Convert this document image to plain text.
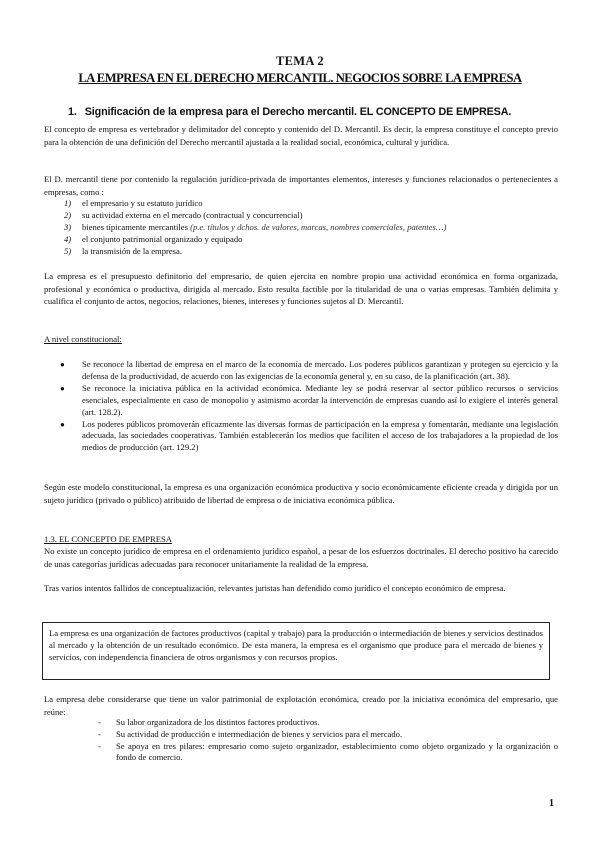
TEMA 2
LA EMPRESA EN EL DERECHO MERCANTIL. NEGOCIOS SOBRE LA EMPRESA
1. Significación de la empresa para el Derecho mercantil. EL CONCEPTO DE EMPRESA.
El concepto de empresa es vertebrador y delimitador del concepto y contenido del D. Mercantil. Es decir, la empresa constituye el concepto previo para la obtención de una definición del Derecho mercantil ajustada a la realidad social, económica, cultural y jurídica.
El D. mercantil tiene por contenido la regulación jurídico-privada de importantes elementos, intereses y funciones relacionados o pertenecientes a empresas, como :
1) el empresario y su estatuto jurídico
2) su actividad externa en el mercado (contractual y concurrencial)
3) bienes típicamente mercantiles (p.e. títulos y dchos. de valores, marcas, nombres comerciales, patentes…)
4) el conjunto patrimonial organizado y equipado
5) la transmisión de la empresa.
La empresa es el presupuesto definitorio del empresario, de quien ejercita en nombre propio una actividad económica en forma organizada, profesional y económica o productiva, dirigida al mercado. Esto resulta factible por la titularidad de una o varias empresas. También delimita y cualifica el conjunto de actos, negocios, relaciones, bienes, intereses y funciones sujetos al D. Mercantil.
A nivel constitucional:
● Se reconoce la libertad de empresa en el marco de la economía de mercado. Los poderes públicos garantizan y protegen su ejercicio y la defensa de la productividad, de acuerdo con las exigencias de la economía general y, en su caso, de la planificación (art. 38).
● Se reconoce la iniciativa pública en la actividad económica. Mediante ley se podrá reservar al sector público recursos o servicios esenciales, especialmente en caso de monopolio y asimismo acordar la intervención de empresas cuando así lo exigiere el interés general (art. 128.2).
● Los poderes públicos promoverán eficazmente las diversas formas de participación en la empresa y fomentarán, mediante una legislación adecuada, las sociedades cooperativas. También establecerán los medios que faciliten el acceso de los trabajadores a la propiedad de los medios de producción (art. 129.2)
Según este modelo constitucional, la empresa es una organización económica productiva y socio económicamente eficiente creada y dirigida por un sujeto jurídico (privado o público) atribuido de libertad de empresa o de iniciativa económica pública.
1.3. EL CONCEPTO DE EMPRESA
No existe un concepto jurídico de empresa en el ordenamiento jurídico español, a pesar de los esfuerzos doctrinales. El derecho positivo ha carecido de unas categorías jurídicas adecuadas para reconocer unitariamente la realidad de la empresa.
Tras varios intentos fallidos de conceptualización, relevantes juristas han defendido como jurídico el concepto económico de empresa.
La empresa es una organización de factores productivos (capital y trabajo) para la producción o intermediación de bienes y servicios destinados al mercado y la obtención de un resultado económico. De esta manera, la empresa es el organismo que produce para el mercado de bienes y servicios, con independencia financiera de otros organismos y con recursos propios.
La empresa debe considerarse que tiene un valor patrimonial de explotación económica, creado por la iniciativa económica del empresario, que reúne:
- Su labor organizadora de los distintos factores productivos.
- Su actividad de producción e intermediación de bienes y servicios para el mercado.
- Se apoya en tres pilares: empresario como sujeto organizador, establecimiento como objeto organizado y la organización o fondo de comercio.
1
